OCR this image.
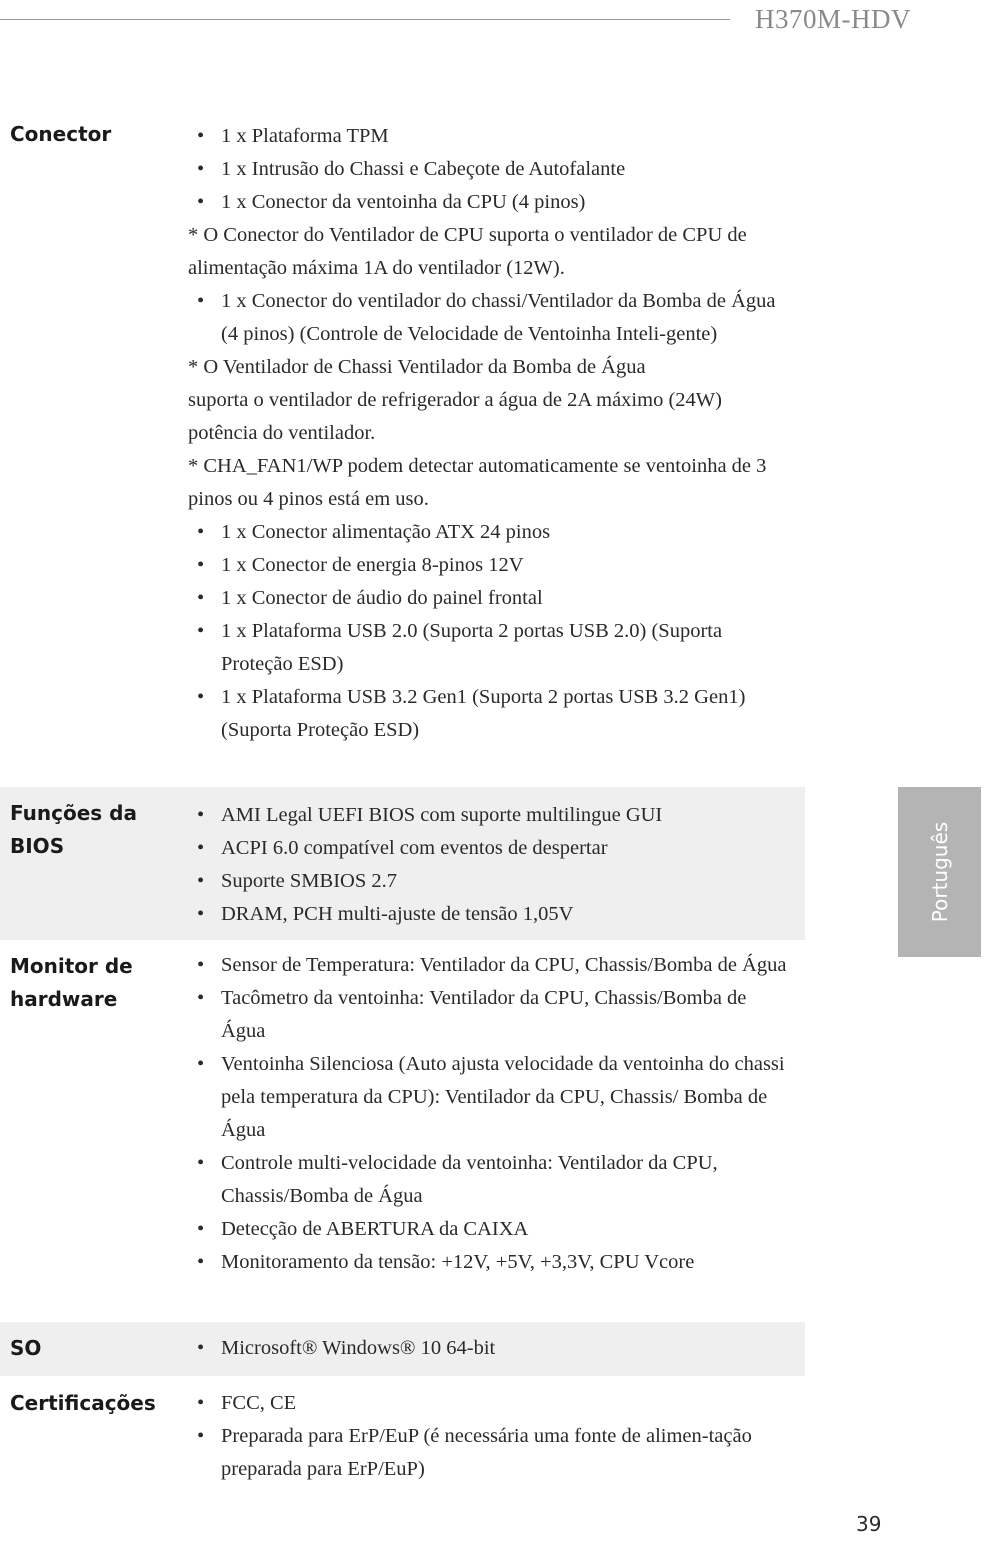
H370M-HDV
Português
Conector	• 1 x Plataforma TPM
• 1 x Intrusão do Chassi e Cabeçote de Autofalante
• 1 x Conector da ventoinha da CPU (4 pinos)
* O Conector do Ventilador de CPU suporta o ventilador de CPU de alimentação máxima 1A do ventilador (12W).
• 1 x Conector do ventilador do chassi/Ventilador da Bomba de Água (4 pinos) (Controle de Velocidade de Ventoinha Inteli-gente)
* O Ventilador de Chassi Ventilador da Bomba de Água
suporta o ventilador de refrigerador a água de 2A máximo (24W) potência do ventilador.
* CHA_FAN1/WP podem detectar automaticamente se ventoinha de 3 pinos ou 4 pinos está em uso.
• 1 x Conector alimentação ATX 24 pinos
• 1 x Conector de energia 8-pinos 12V
• 1 x Conector de áudio do painel frontal
• 1 x Plataforma USB 2.0 (Suporta 2 portas USB 2.0) (Suporta Proteção ESD)
• 1 x Plataforma USB 3.2 Gen1 (Suporta 2 portas USB 3.2 Gen1) (Suporta Proteção ESD)
Funções da BIOS
• AMI Legal UEFI BIOS com suporte multilingue GUI
• ACPI 6.0 compatível com eventos de despertar
• Suporte SMBIOS 2.7
• DRAM, PCH multi-ajuste de tensão 1,05V
Monitor de hardware
• Sensor de Temperatura: Ventilador da CPU, Chassis/Bomba de Água
• Tacômetro da ventoinha: Ventilador da CPU, Chassis/Bomba de Água
• Ventoinha Silenciosa (Auto ajusta velocidade da ventoinha do chassi pela temperatura da CPU): Ventilador da CPU, Chassis/ Bomba de Água
• Controle multi-velocidade da ventoinha: Ventilador da CPU, Chassis/Bomba de Água
• Detecção de ABERTURA da CAIXA
• Monitoramento da tensão: +12V, +5V, +3,3V, CPU Vcore
SO	• Microsoft® Windows® 10 64-bit
Certificações • FCC, CE
• Preparada para ErP/EuP (é necessária uma fonte de alimen-tação preparada para ErP/EuP)
39
